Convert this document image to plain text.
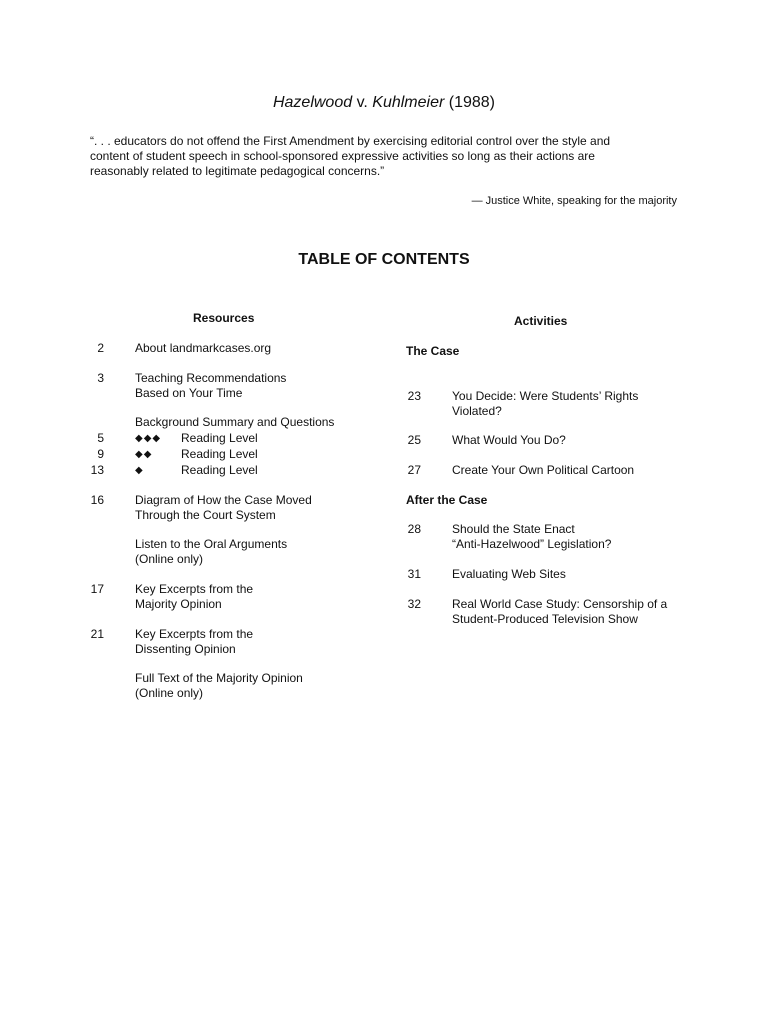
Hazelwood v. Kuhlmeier (1988)
“. . . educators do not offend the First Amendment by exercising editorial control over the style and
content of student speech in school-sponsored expressive activities so long as their actions are
reasonably related to legitimate pedagogical concerns.”
— Justice White, speaking for the majority
TABLE OF CONTENTS
Resources
2	About landmarkcases.org
3	Teaching Recommendations
Based on Your Time
Background Summary and Questions
5	◆◆◆ Reading Level
9	◆◆ Reading Level
13	◆	Reading Level
16	Diagram of How the Case Moved
Through the Court System
Listen to the Oral Arguments
(Online only)
17	Key Excerpts from the
Majority Opinion
21	Key Excerpts from the
Dissenting Opinion
Full Text of the Majority Opinion
(Online only)
Activities
The Case
23	You Decide: Were Students’ Rights
Violated?
25	What Would You Do?
27	Create Your Own Political Cartoon
After the Case
28	Should the State Enact
“Anti-Hazelwood” Legislation?
31	Evaluating Web Sites
32	Real World Case Study: Censorship of a
Student-Produced Television Show
